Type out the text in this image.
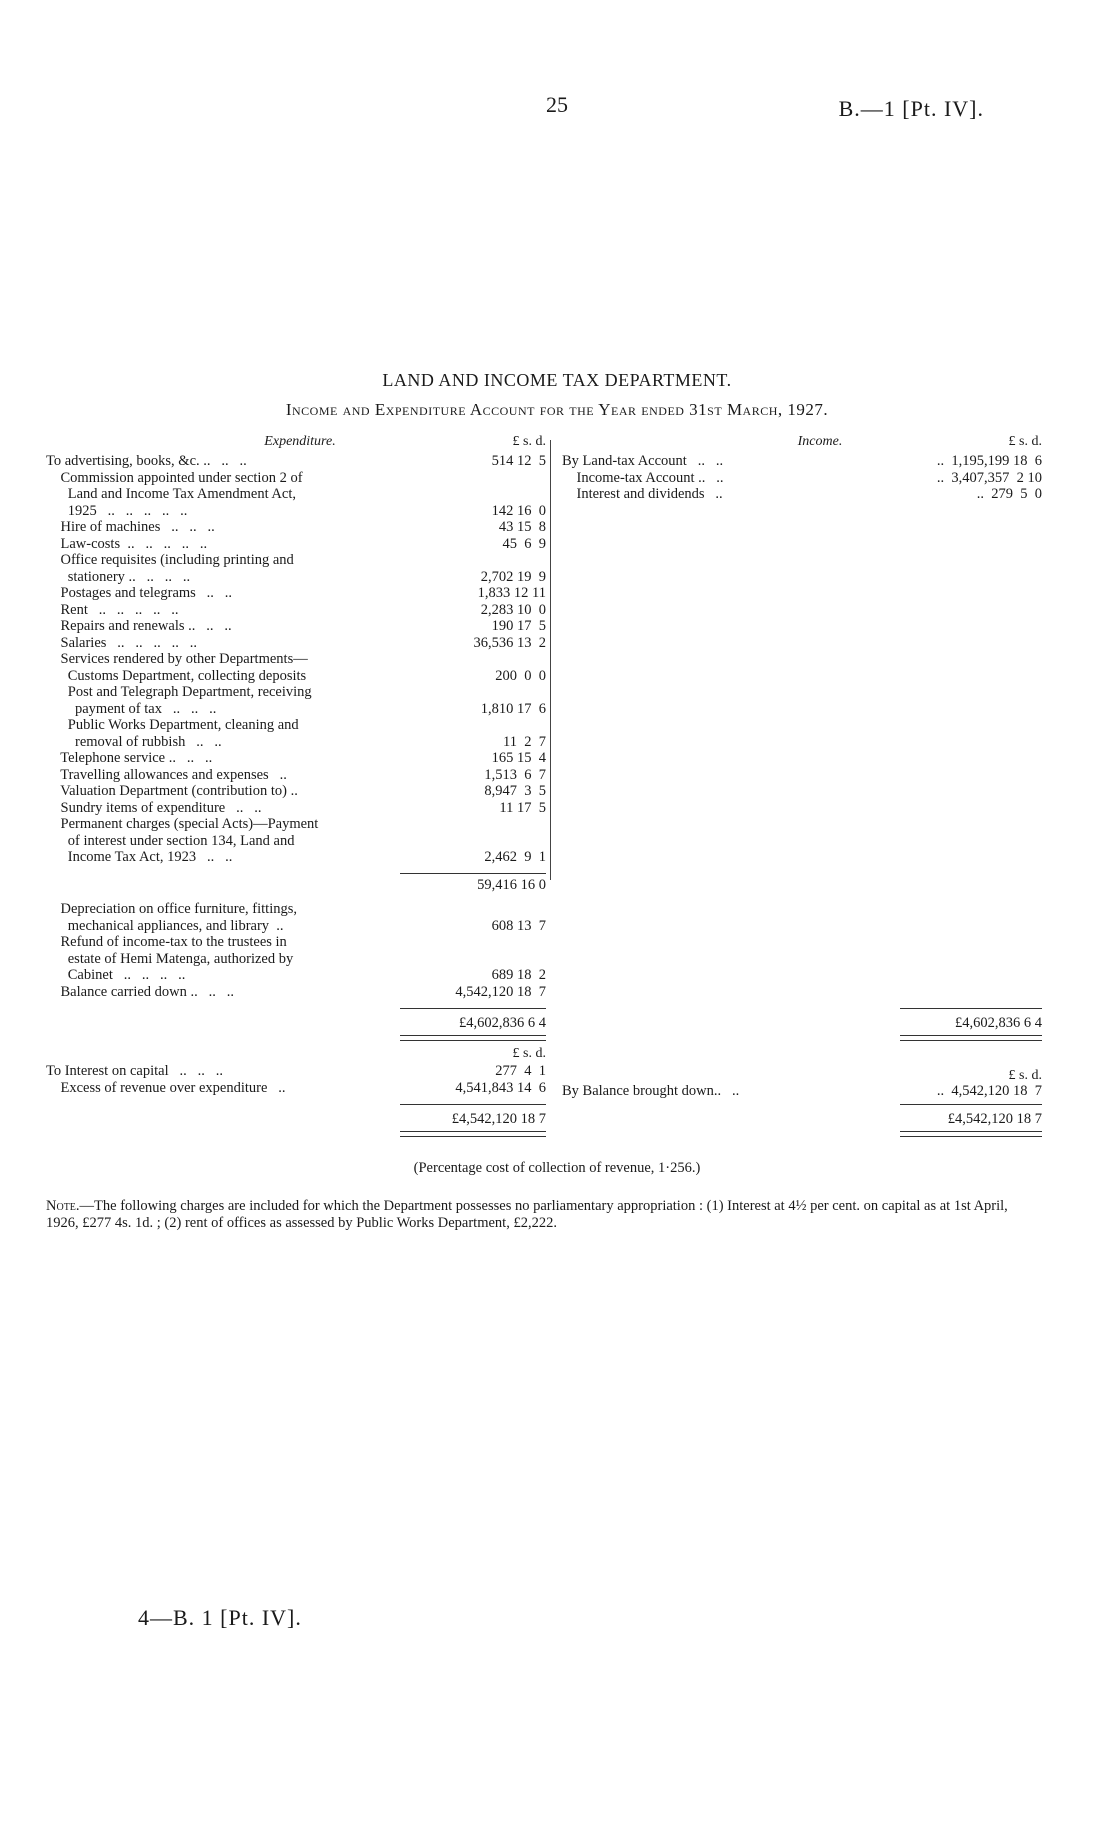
25	B.—1 [Pt. IV].
LAND AND INCOME TAX DEPARTMENT.
Income and Expenditure Account for the Year ended 31st March, 1927.
Expenditure.	£ s. d.	Income.	£ s. d.
To advertising, books, &c. ..   ..   ..	514 12  5
Commission appointed under section 2 of
Land and Income Tax Amendment Act,
1925   ..   ..   ..   ..   ..	142 16  0
Hire of machines   ..   ..   ..	43 15  8
Law-costs  ..   ..   ..   ..   ..	45  6  9
Office requisites (including printing and
stationery ..   ..   ..   ..	2,702 19  9
Postages and telegrams   ..   ..	1,833 12 11
Rent   ..   ..   ..   ..   ..	2,283 10  0
Repairs and renewals ..   ..   ..	190 17  5
Salaries   ..   ..   ..   ..   ..	36,536 13  2
Services rendered by other Departments—
Customs Department, collecting deposits	200  0  0
Post and Telegraph Department, receiving
payment of tax   ..   ..   ..	1,810 17  6
Public Works Department, cleaning and
removal of rubbish   ..   ..	11  2  7
Telephone service ..   ..   ..	165 15  4
Travelling allowances and expenses   ..	1,513  6  7
Valuation Department (contribution to) ..	8,947  3  5
Sundry items of expenditure   ..   ..	11 17  5
Permanent charges (special Acts)—Payment
of interest under section 134, Land and
Income Tax Act, 1923   ..   ..	2,462  9  1
59,416 16 0
Depreciation on office furniture, fittings,
mechanical appliances, and library  ..	608 13  7
Refund of income-tax to the trustees in
estate of Hemi Matenga, authorized by
Cabinet   ..   ..   ..   ..	689 18  2
Balance carried down ..   ..   ..	4,542,120 18  7
£4,602,836 6 4
By Land-tax Account   ..   ..	..  1,195,199 18  6
Income-tax Account ..   ..	..  3,407,357  2 10
Interest and dividends   ..	..  279  5  0
£4,602,836 6 4
£ s. d.
£ s. d.
To Interest on capital   ..   ..   ..	277  4  1
Excess of revenue over expenditure   ..	4,541,843 14  6 By Balance brought down..   ..	..  4,542,120 18  7
£4,542,120 18 7	£4,542,120 18 7
(Percentage cost of collection of revenue, 1·256.)
Note.—The following charges are included for which the Department possesses no parliamentary appropriation : (1) Interest at 4½ per cent. on capital as at 1st April, 1926, £277 4s. 1d. ; (2) rent of offices as assessed by Public Works Department, £2,222.
4—B. 1 [Pt. IV].
